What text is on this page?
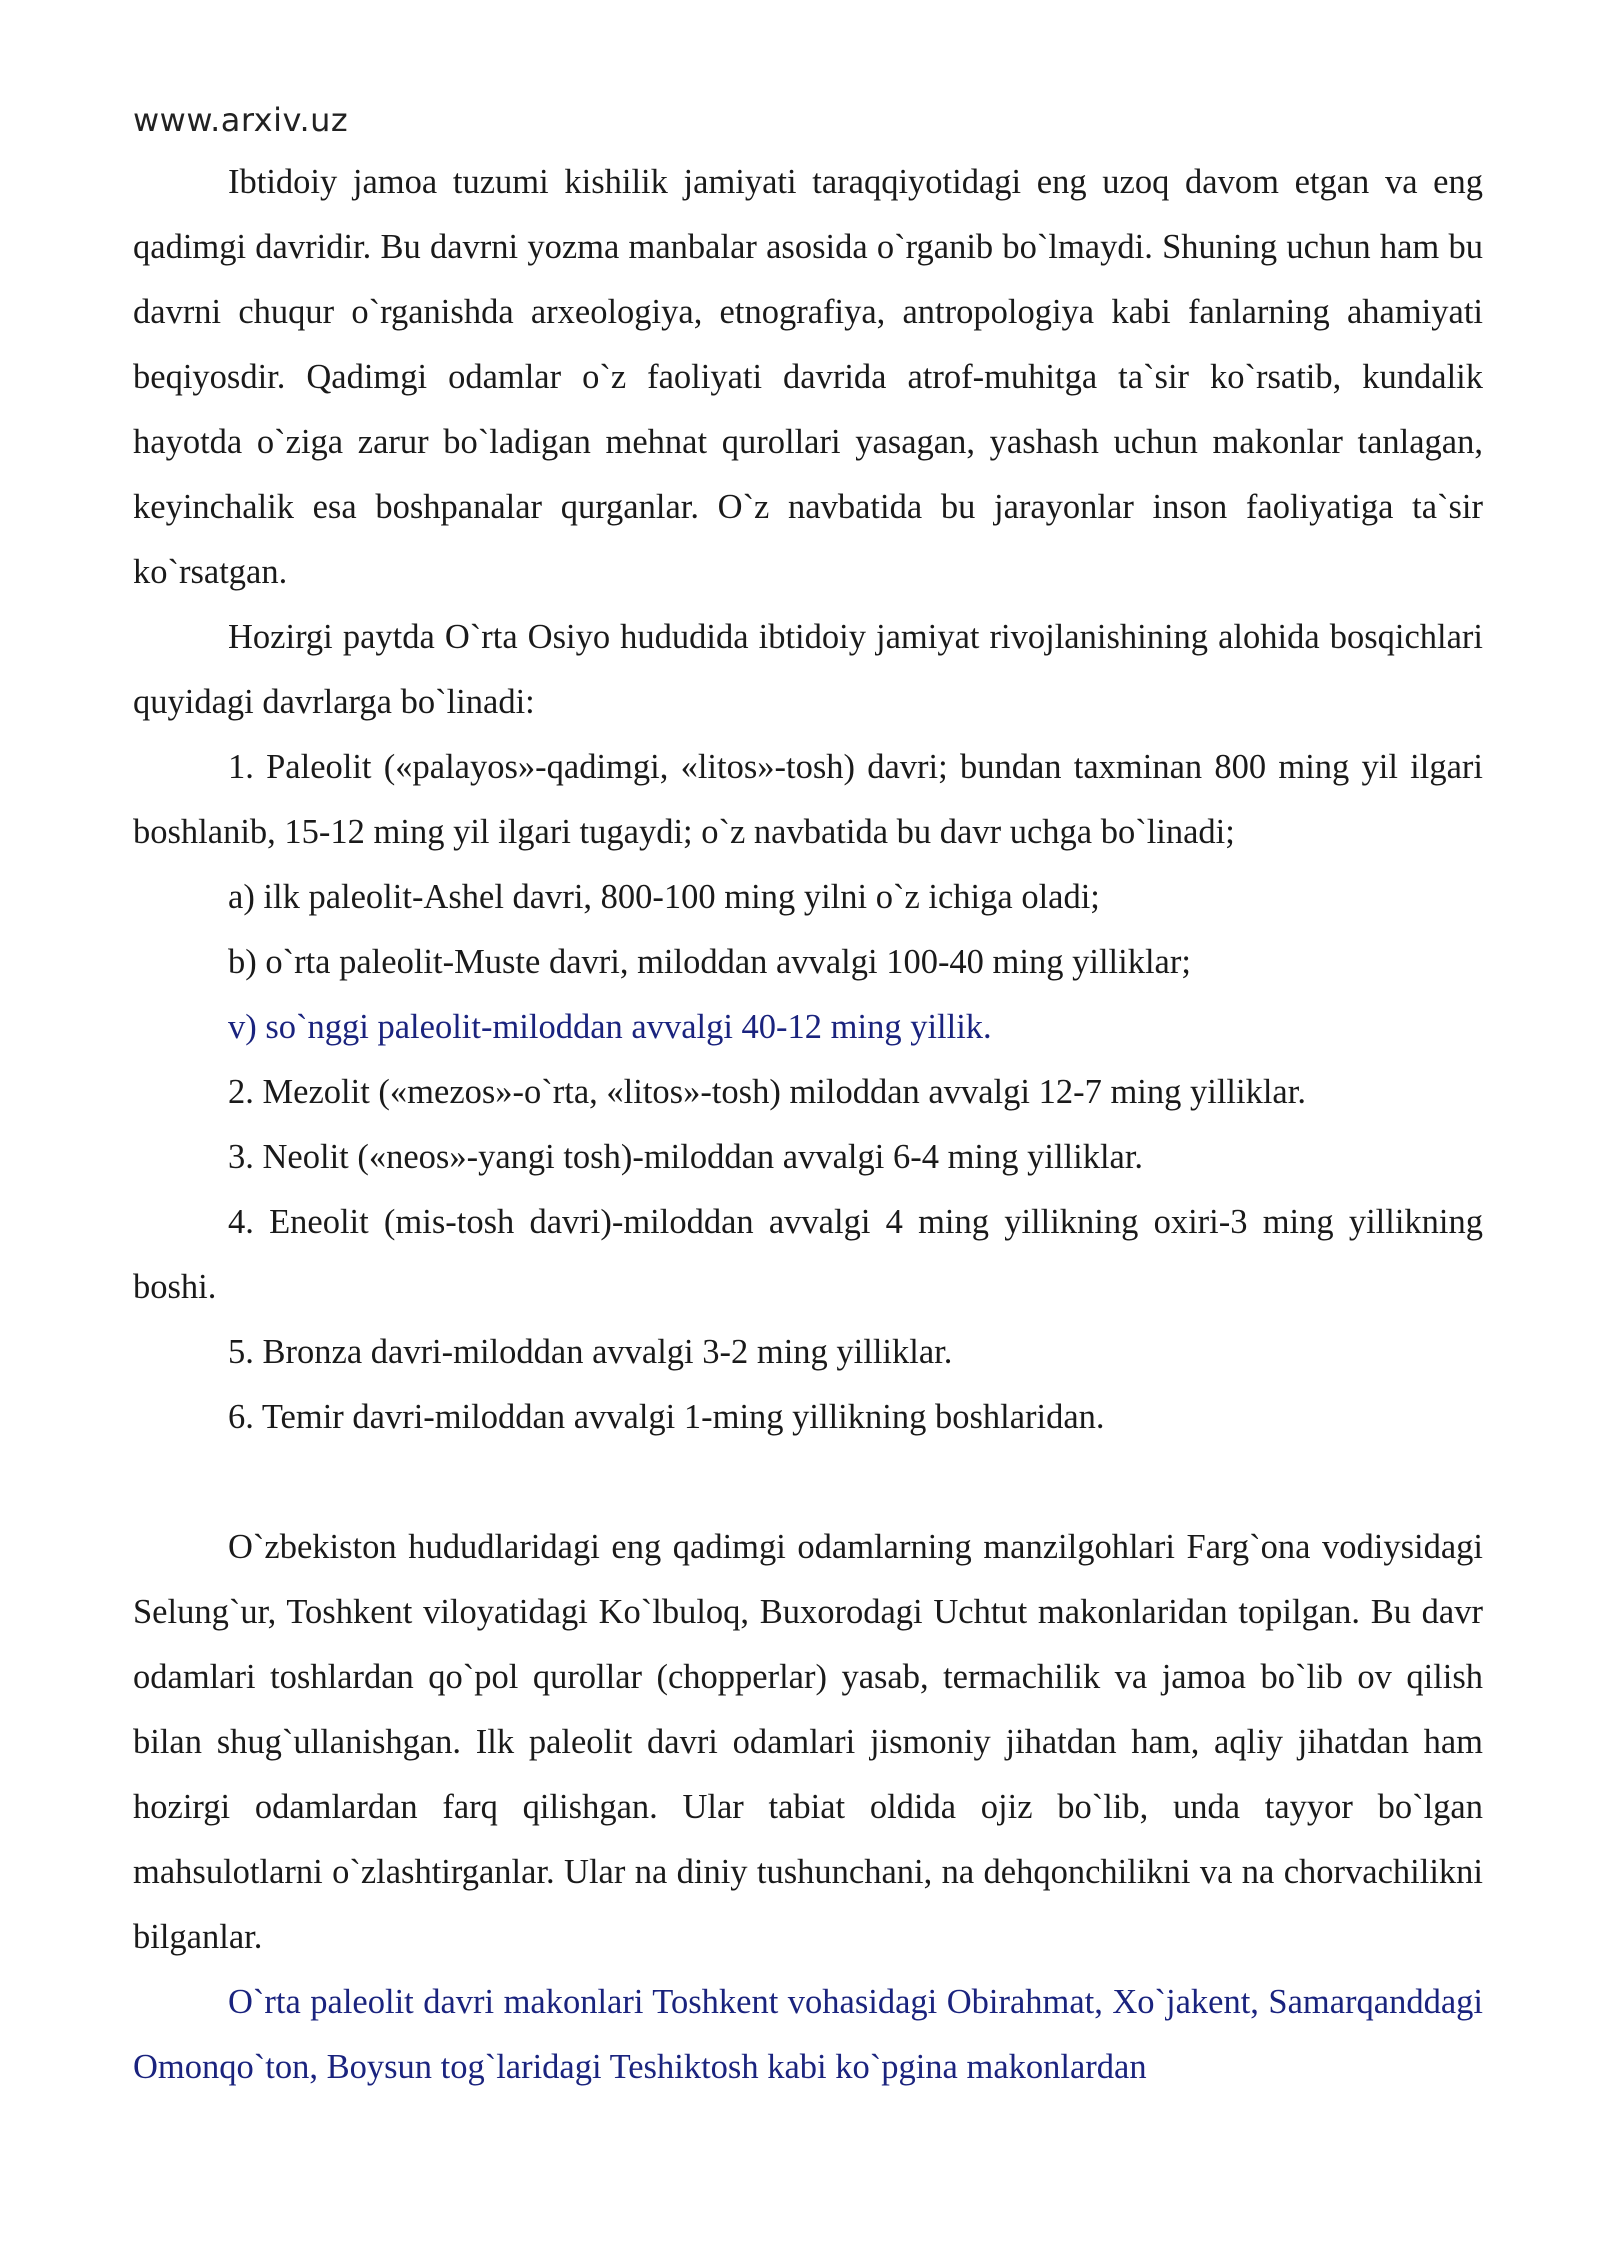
www.arxiv.uz

Ibtidoiy jamoa tuzumi kishilik jamiyati taraqqiyotidagi eng uzoq davom etgan va eng qadimgi davridir. Bu davrni yozma manbalar asosida o`rganib bo`lmaydi. Shuning uchun ham bu davrni chuqur o`rganishda arxeologiya, etnografiya, antropologiya kabi fanlarning ahamiyati beqiyosdir. Qadimgi odamlar o`z faoliyati davrida atrof-muhitga ta`sir ko`rsatib, kundalik hayotda o`ziga zarur bo`ladigan mehnat qurollari yasagan, yashash uchun makonlar tanlagan, keyinchalik esa boshpanalar qurganlar. O`z navbatida bu jarayonlar inson faoliyatiga ta`sir ko`rsatgan.

Hozirgi paytda O`rta Osiyo hududida ibtidoiy jamiyat rivojlanishining alohida bosqichlari quyidagi davrlarga bo`linadi:

1. Paleolit («palayos»-qadimgi, «litos»-tosh) davri; bundan taxminan 800 ming yil ilgari boshlanib, 15-12 ming yil ilgari tugaydi; o`z navbatida bu davr uchga bo`linadi;

a) ilk paleolit-Ashel davri, 800-100 ming yilni o`z ichiga oladi;

b) o`rta paleolit-Muste davri, miloddan avvalgi 100-40 ming yilliklar;

v) so`nggi paleolit-miloddan avvalgi 40-12 ming yillik.

2. Mezolit («mezos»-o`rta, «litos»-tosh) miloddan avvalgi 12-7 ming yilliklar.

3. Neolit («neos»-yangi tosh)-miloddan avvalgi 6-4 ming yilliklar.

4. Eneolit (mis-tosh davri)-miloddan avvalgi 4 ming yillikning oxiri-3 ming yillikning boshi.

5. Bronza davri-miloddan avvalgi 3-2 ming yilliklar.

6. Temir davri-miloddan avvalgi 1-ming yillikning boshlaridan.

O`zbekiston hududlaridagi eng qadimgi odamlarning manzilgohlari Farg`ona vodiysidagi Selung`ur, Toshkent viloyatidagi Ko`lbuloq, Buxorodagi Uchtut makonlaridan topilgan. Bu davr odamlari toshlardan qo`pol qurollar (chopperlar) yasab, termachilik va jamoa bo`lib ov qilish bilan shug`ullanishgan. Ilk paleolit davri odamlari jismoniy jihatdan ham, aqliy jihatdan ham hozirgi odamlardan farq qilishgan. Ular tabiat oldida ojiz bo`lib, unda tayyor bo`lgan mahsulotlarni o`zlashtirganlar. Ular na diniy tushunchani, na dehqonchilikni va na chorvachilikni bilganlar.

O`rta paleolit davri makonlari Toshkent vohasidagi Obirahmat, Xo`jakent, Samarqanddagi Omonqo`ton, Boysun tog`laridagi Teshiktosh kabi ko`pgina makonlardan
